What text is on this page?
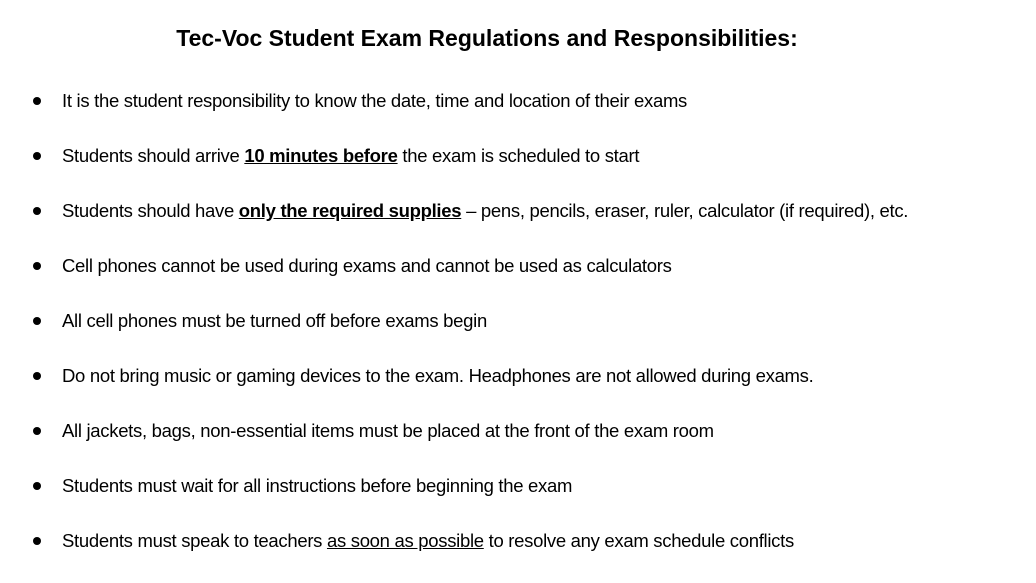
Tec-Voc Student Exam Regulations and Responsibilities:
It is the student responsibility to know the date, time and location of their exams
Students should arrive 10 minutes before the exam is scheduled to start
Students should have only the required supplies – pens, pencils, eraser, ruler, calculator (if required), etc.
Cell phones cannot be used during exams and cannot be used as calculators
All cell phones must be turned off before exams begin
Do not bring music or gaming devices to the exam. Headphones are not allowed during exams.
All jackets, bags, non-essential items must be placed at the front of the exam room
Students must wait for all instructions before beginning the exam
Students must speak to teachers as soon as possible to resolve any exam schedule conflicts
